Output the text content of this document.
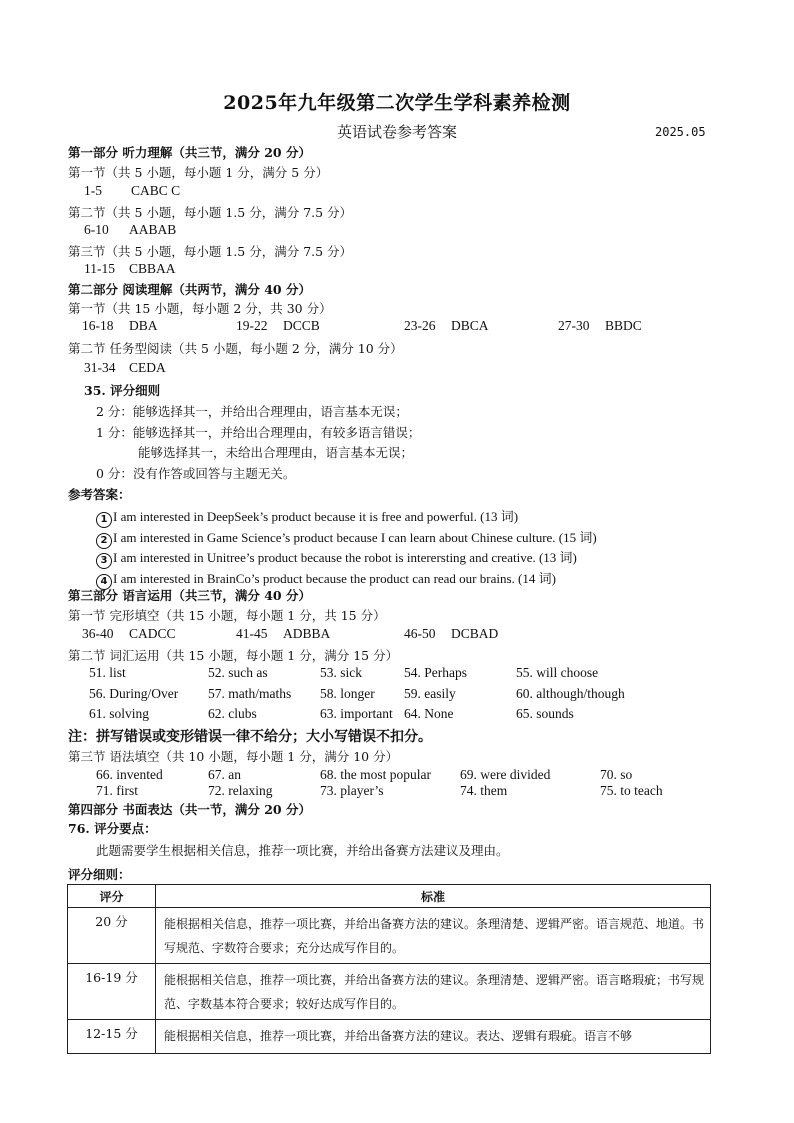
2025年九年级第二次学生学科素养检测
英语试卷参考答案	2025.05
第一部分 听力理解（共三节，满分 20 分）
第一节（共 5 小题，每小题 1 分，满分 5 分）
1-5 CABC C
第二节（共 5 小题，每小题 1.5 分，满分 7.5 分）
6-10 AABAB
第三节（共 5 小题，每小题 1.5 分，满分 7.5 分）
11-15 CBBAA
第二部分 阅读理解（共两节，满分 40 分）
第一节（共 15 小题，每小题 2 分，共 30 分）
16-18 DBA	19-22 DCCB	23-26 DBCA	27-30 BBDC
第二节 任务型阅读（共 5 小题，每小题 2 分，满分 10 分）
31-34 CEDA
35. 评分细则
2 分：能够选择其一，并给出合理理由，语言基本无误；
1 分：能够选择其一，并给出合理理由，有较多语言错误；
能够选择其一，未给出合理理由，语言基本无误；
0 分：没有作答或回答与主题无关。
参考答案：
1 I am interested in DeepSeek’s product because it is free and powerful. (13 词)
2 I am interested in Game Science’s product because I can learn about Chinese culture. (15 词)
3 I am interested in Unitree’s product because the robot is interersting and creative. (13 词)
4 I am interested in BrainCo’s product because the product can read our brains. (14 词)
第三部分 语言运用（共三节，满分 40 分）
第一节 完形填空（共 15 小题，每小题 1 分，共 15 分）
36-40 CADCC	41-45 ADBBA	46-50 DCBAD
第二节 词汇运用（共 15 小题，每小题 1 分，满分 15 分）
51. list	52. such as	53. sick	54. Perhaps	55. will choose
56. During/Over 57. math/maths 58. longer 59. easily	60. although/though
61. solving	62. clubs	63. important 64. None	65. sounds
注：拼写错误或变形错误一律不给分；大小写错误不扣分。
第三节 语法填空（共 10 小题，每小题 1 分，满分 10 分）
66. invented	67. an	68. the most popular 69. were divided	70. so
71. first	72. relaxing	73. player’s	74. them	75. to teach
第四部分 书面表达（共一节，满分 20 分）
76. 评分要点：
此题需要学生根据相关信息，推荐一项比赛，并给出备赛方法建议及理由。
评分细则：
评分	标准
20 分	能根据相关信息，推荐一项比赛，并给出备赛方法的建议。条理清楚、逻辑严密。语言规范、地道。书写规范、字数符合要求；充分达成写作目的。
16-19 分	能根据相关信息，推荐一项比赛，并给出备赛方法的建议。条理清楚、逻辑严密。语言略瑕疵；书写规范、字数基本符合要求；较好达成写作目的。
12-15 分	能根据相关信息，推荐一项比赛，并给出备赛方法的建议。表达、逻辑有瑕疵。语言不够
